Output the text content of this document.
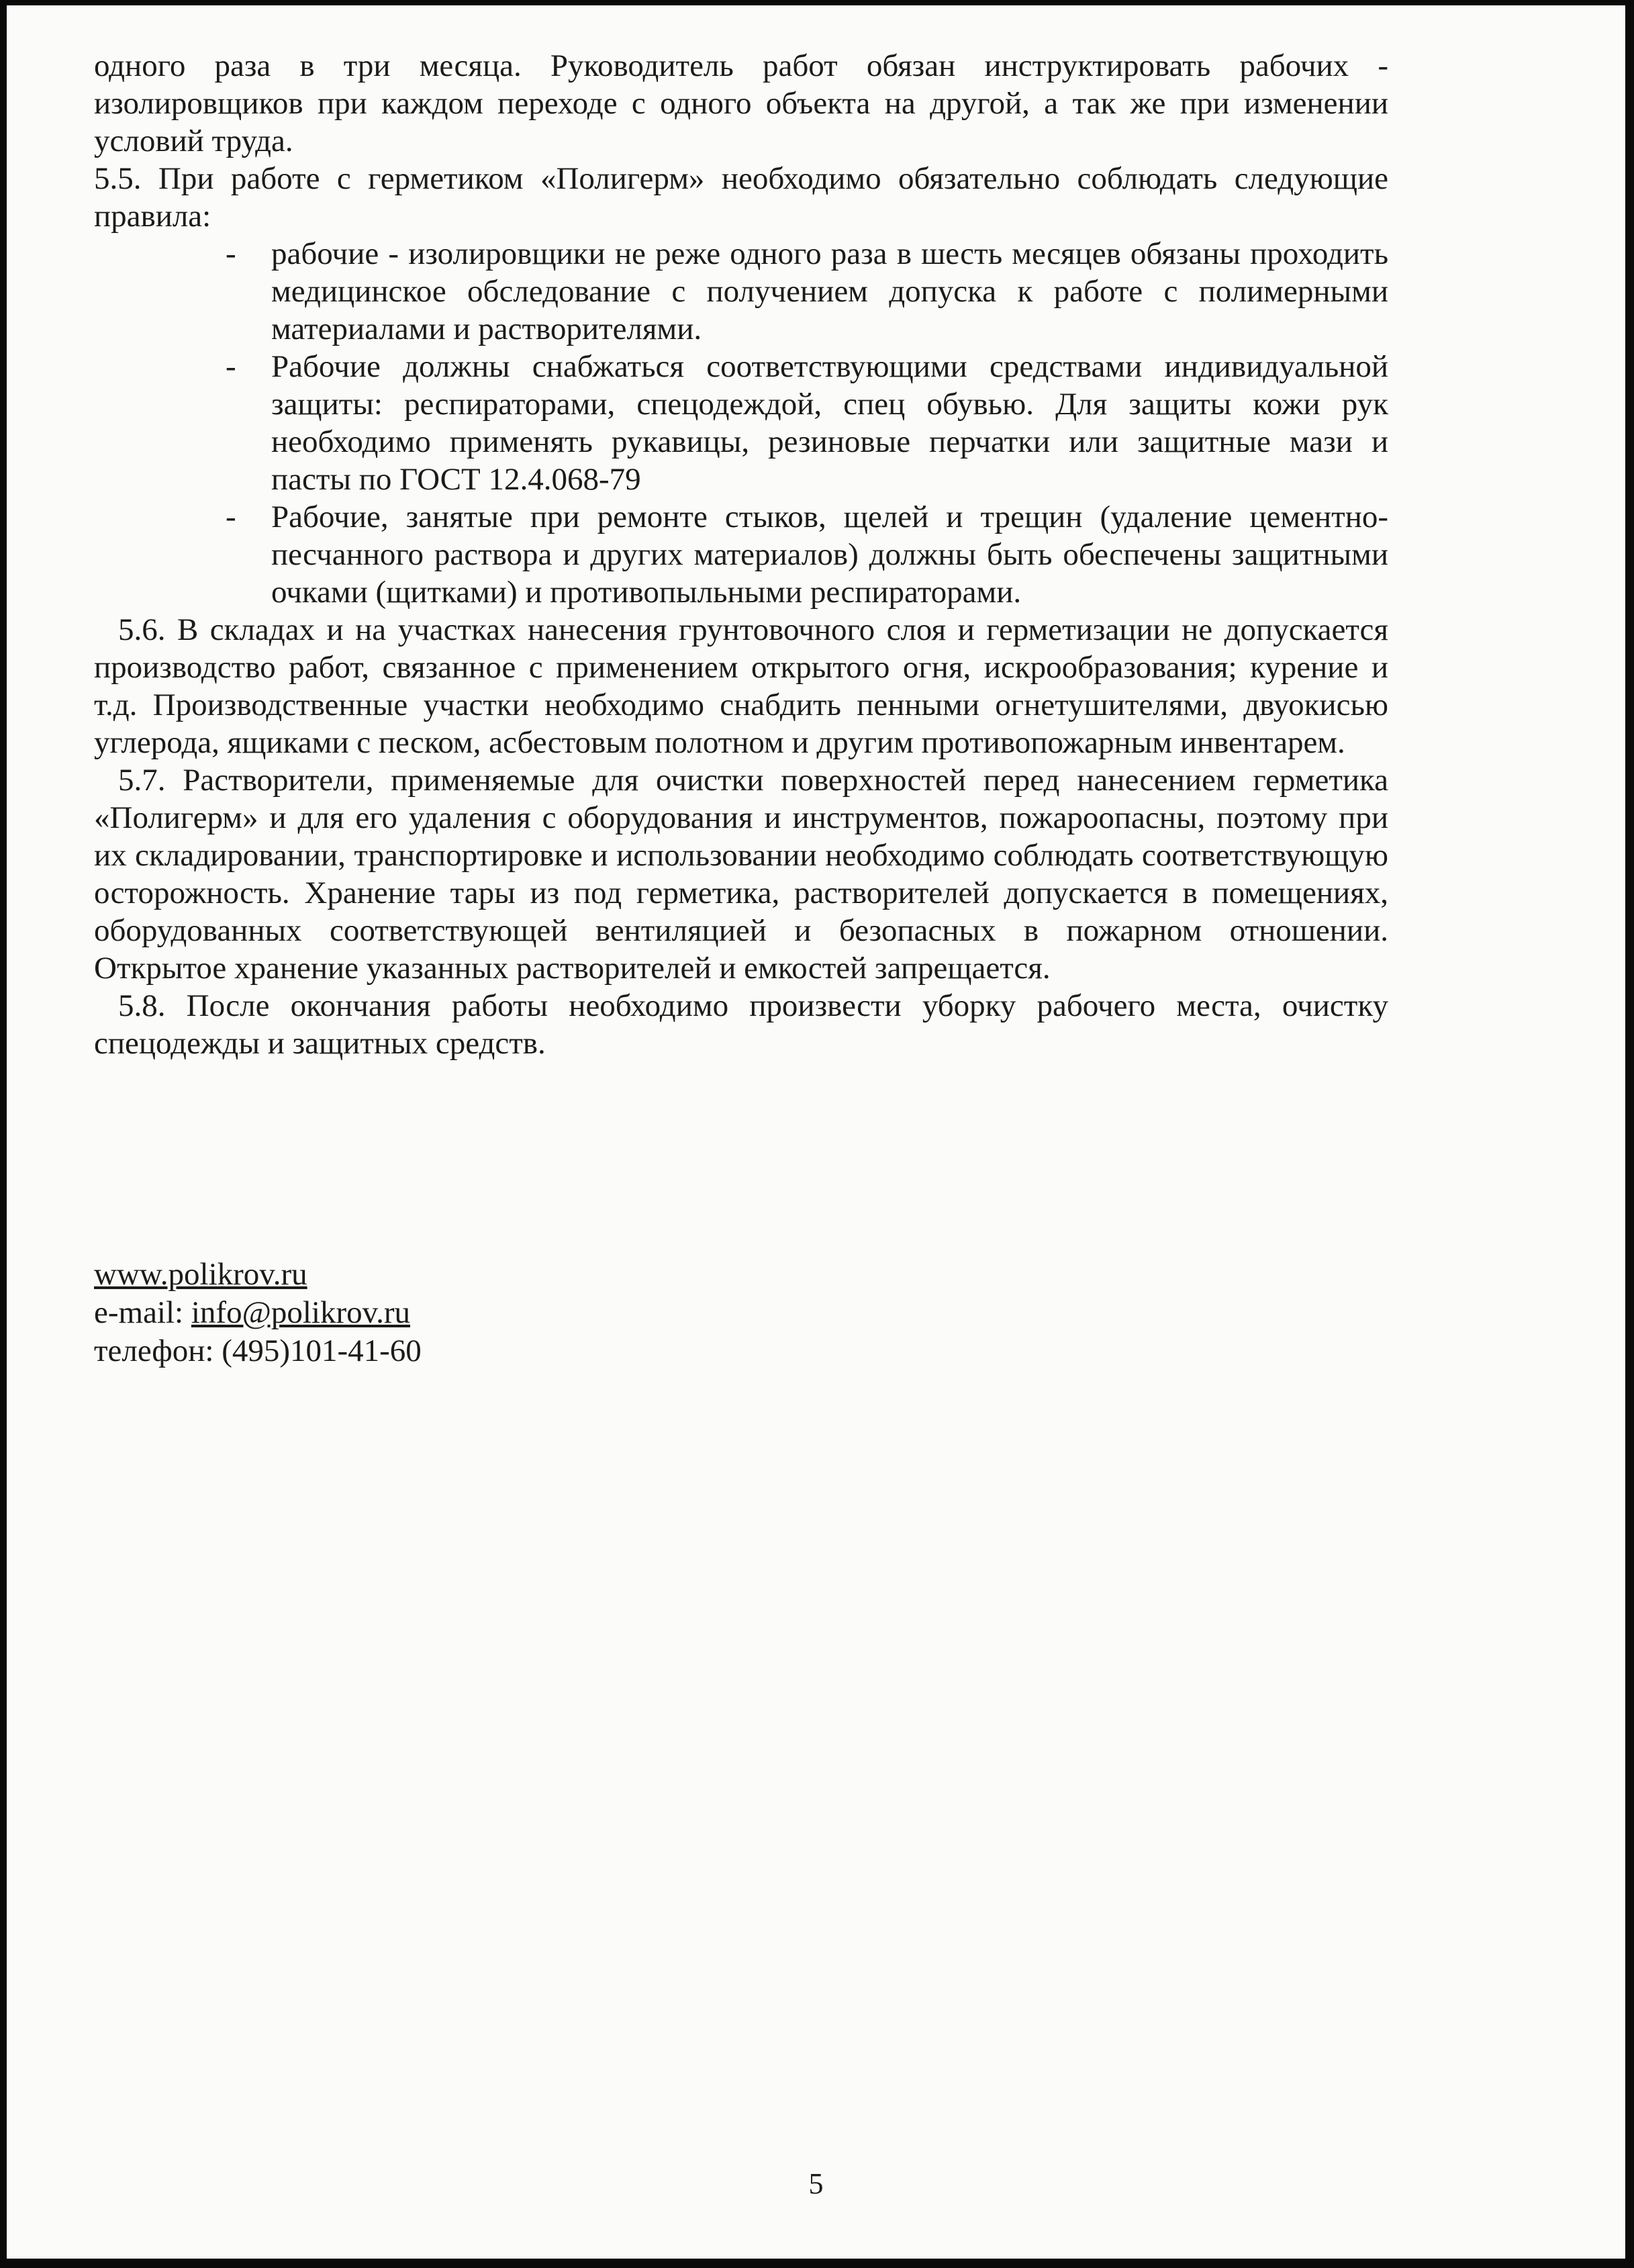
одного раза в три месяца. Руководитель работ обязан инструктировать рабочих - изолировщиков при каждом переходе с одного объекта на другой, а так же при изменении условий труда.

5.5. При работе с герметиком «Полигерм» необходимо обязательно соблюдать следующие правила:

-	рабочие - изолировщики не реже одного раза в шесть месяцев обязаны проходить медицинское обследование с получением допуска к работе с полимерными материалами и растворителями.
-	Рабочие должны снабжаться соответствующими средствами индивидуальной защиты: респираторами, спецодеждой, спец обувью. Для защиты кожи рук необходимо применять рукавицы, резиновые перчатки или защитные мази и пасты по ГОСТ 12.4.068-79
-	Рабочие, занятые при ремонте стыков, щелей и трещин (удаление цементно-песчанного раствора и других материалов) должны быть обеспечены защитными очками (щитками) и противопыльными респираторами.

5.6. В складах и на участках нанесения грунтовочного слоя и герметизации не допускается производство работ, связанное с применением открытого огня, искрообразования; курение и т.д. Производственные участки необходимо снабдить пенными огнетушителями, двуокисью углерода, ящиками с песком, асбестовым полотном и другим противопожарным инвентарем.

5.7. Растворители, применяемые для очистки поверхностей перед нанесением герметика «Полигерм» и для его удаления с оборудования и инструментов, пожароопасны, поэтому при их складировании, транспортировке и использовании необходимо соблюдать соответствующую осторожность. Хранение тары из под герметика, растворителей допускается в помещениях, оборудованных соответствующей вентиляцией и безопасных в пожарном отношении. Открытое хранение указанных растворителей и емкостей запрещается.

5.8. После окончания работы необходимо произвести уборку рабочего места, очистку спецодежды и защитных средств.

www.polikrov.ru
e-mail: info@polikrov.ru
телефон: (495)101-41-60
5
